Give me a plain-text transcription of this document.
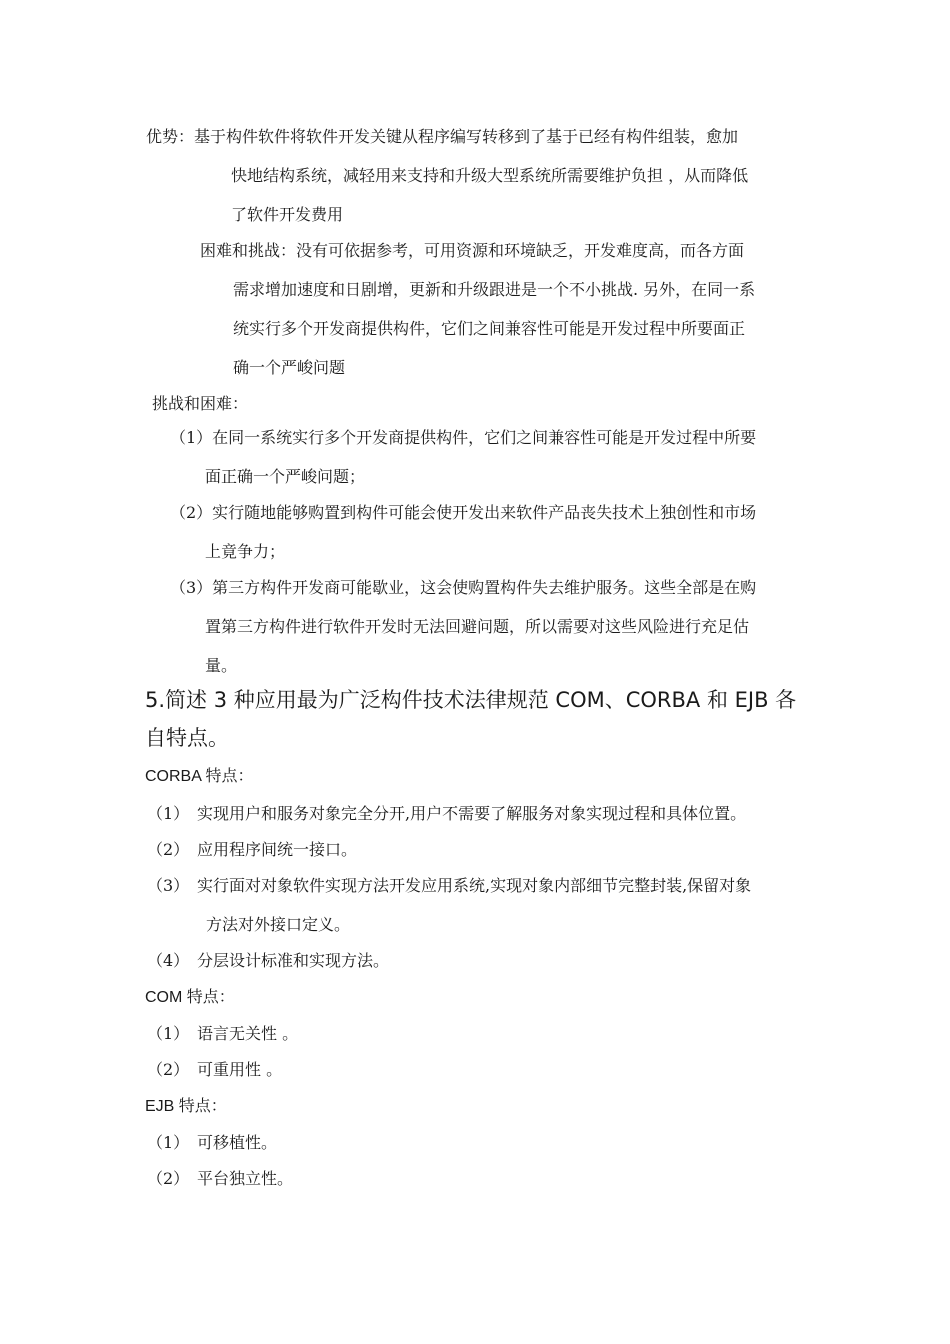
优势：基于构件软件将软件开发关键从程序编写转移到了基于已经有构件组装，愈加
快地结构系统，减轻用来支持和升级大型系统所需要维护负担 ，从而降低
了软件开发费用
困难和挑战：没有可依据参考，可用资源和环境缺乏，开发难度高，而各方面
需求增加速度和日剧增，更新和升级跟进是一个不小挑战. 另外，在同一系
统实行多个开发商提供构件，它们之间兼容性可能是开发过程中所要面正
确一个严峻问题
挑战和困难：
（1）在同一系统实行多个开发商提供构件，它们之间兼容性可能是开发过程中所要
面正确一个严峻问题；
（2）实行随地能够购置到构件可能会使开发出来软件产品丧失技术上独创性和市场
上竟争力；
（3）第三方构件开发商可能歇业，这会使购置构件失去维护服务。这些全部是在购
置第三方构件进行软件开发时无法回避问题，所以需要对这些风险进行充足估
量。
5.简述 3 种应用最为广泛构件技术法律规范 COM、CORBA 和 EJB 各
自特点。
CORBA 特点：
（1） 实现用户和服务对象完全分开,用户不需要了解服务对象实现过程和具体位置。
（2） 应用程序间统一接口。
（3） 实行面对对象软件实现方法开发应用系统,实现对象内部细节完整封装,保留对象
方法对外接口定义。
（4） 分层设计标准和实现方法。
COM 特点：
（1） 语言无关性 。
（2） 可重用性 。
EJB 特点：
（1） 可移植性。
（2） 平台独立性。
